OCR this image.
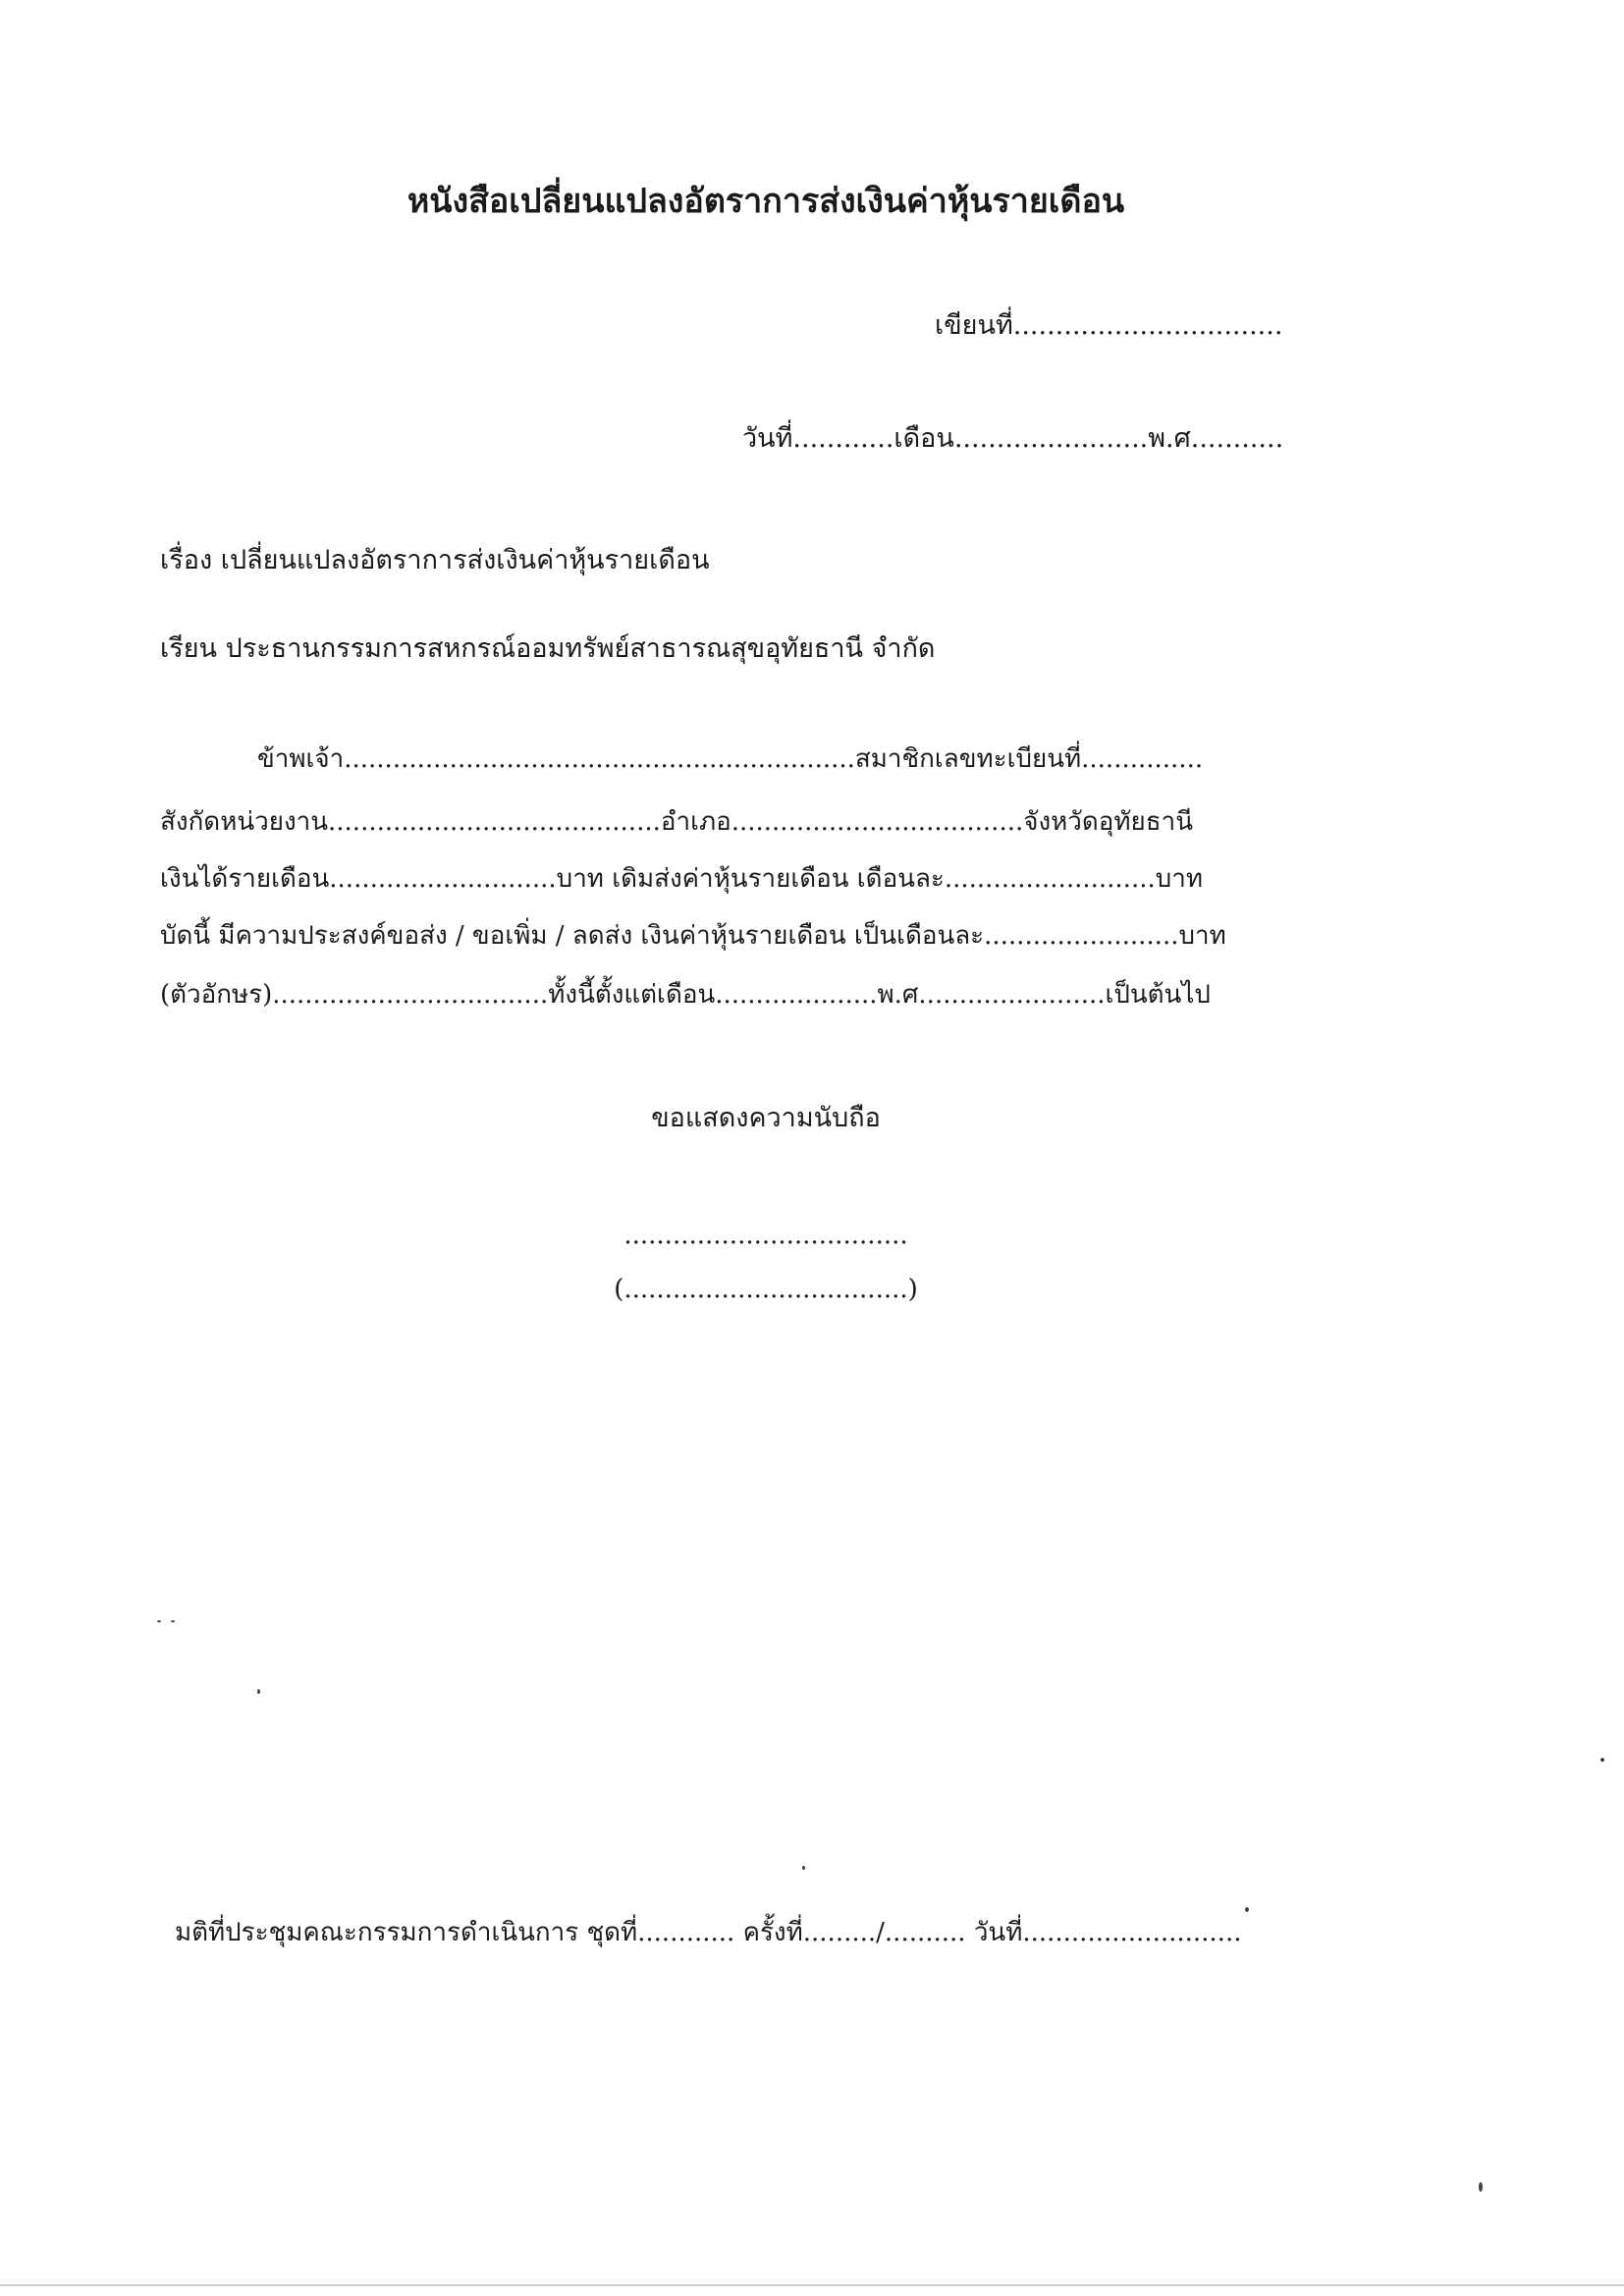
หนังสือเปลี่ยนแปลงอัตราการส่งเงินค่าหุ้นรายเดือน
เขียนที่................................
วันที่............เดือน.......................พ.ศ...........
เรื่อง เปลี่ยนแปลงอัตราการส่งเงินค่าหุ้นรายเดือน
เรียน ประธานกรรมการสหกรณ์ออมทรัพย์สาธารณสุขอุทัยธานี จำกัด
ข้าพเจ้า...............................................................สมาชิกเลขทะเบียนที่...............
สังกัดหน่วยงาน.........................................อำเภอ....................................จังหวัดอุทัยธานี
เงินได้รายเดือน............................บาท เดิมส่งค่าหุ้นรายเดือน เดือนละ..........................บาท
บัดนี้ มีความประสงค์ขอส่ง / ขอเพิ่ม / ลดส่ง เงินค่าหุ้นรายเดือน เป็นเดือนละ........................บาท
(ตัวอักษร)..................................ทั้งนี้ตั้งแต่เดือน....................พ.ศ.......................เป็นต้นไป
ขอแสดงความนับถือ
...................................
(...................................)
มติที่ประชุมคณะกรรมการดำเนินการ ชุดที่............ ครั้งที่........./.......... วันที่...........................
